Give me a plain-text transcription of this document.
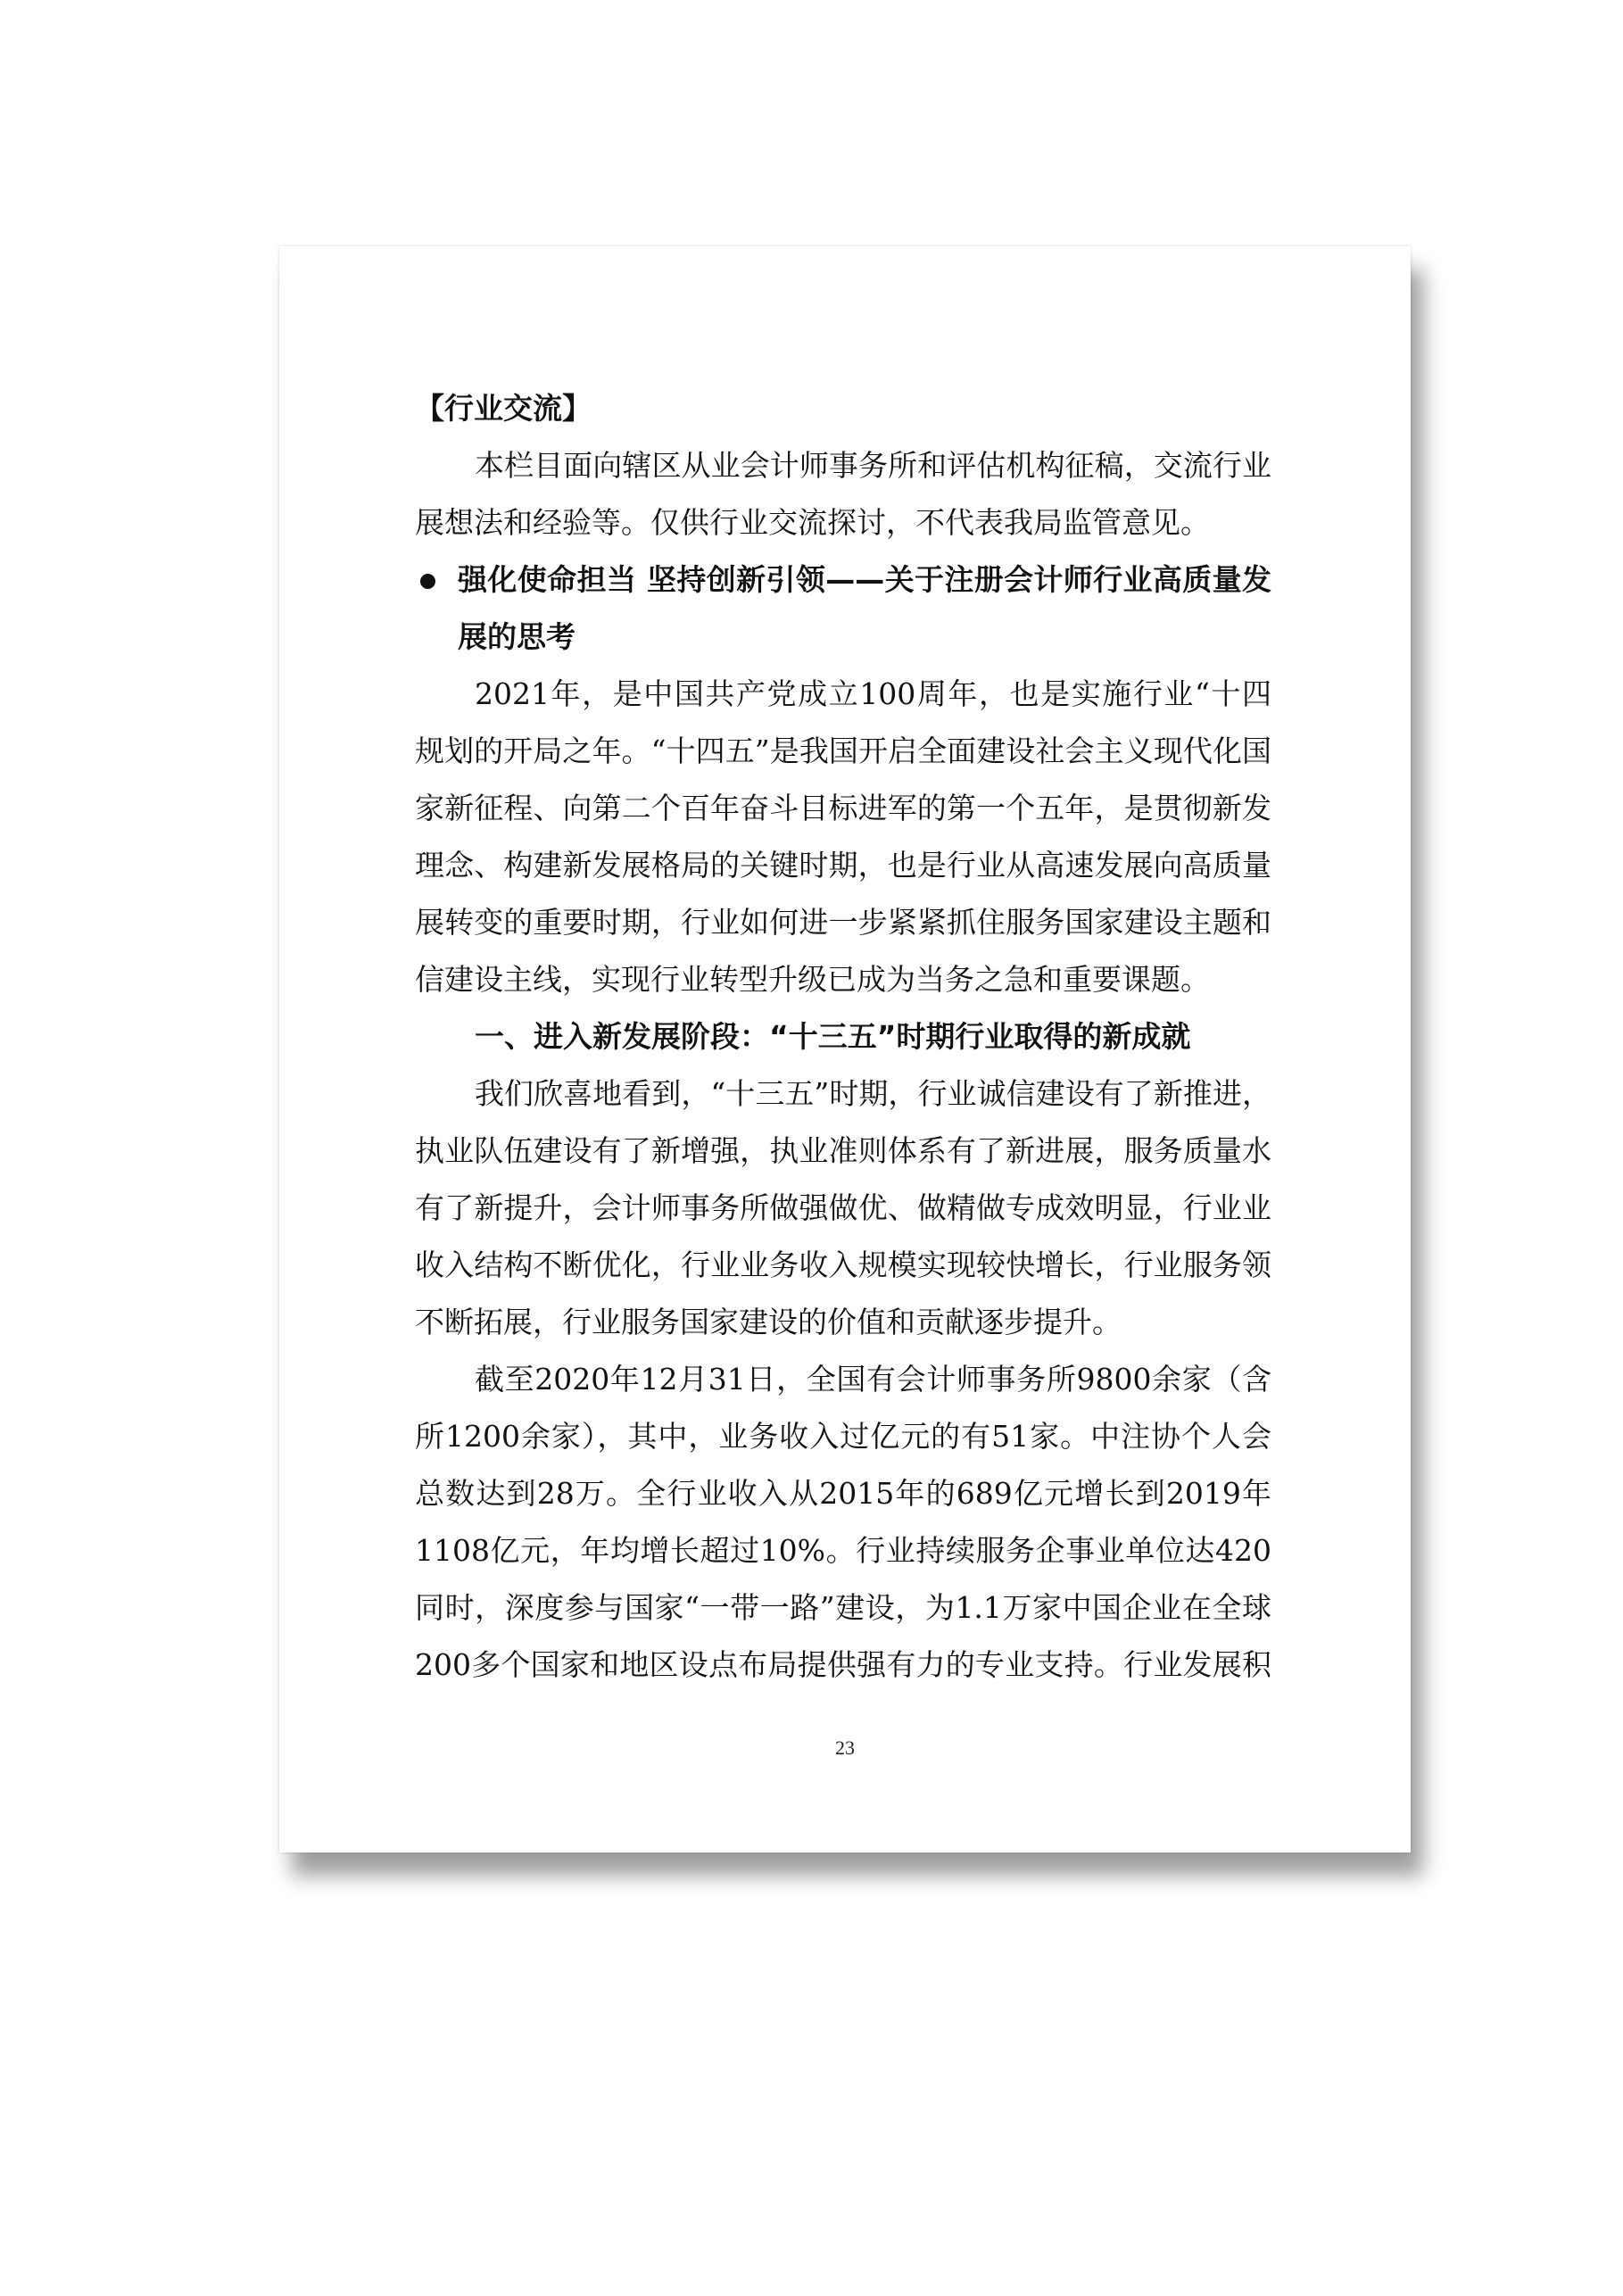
【行业交流】
本栏目面向辖区从业会计师事务所和评估机构征稿，交流行业
展想法和经验等。仅供行业交流探讨，不代表我局监管意见。
强化使命担当 坚持创新引领——关于注册会计师行业高质量发
展的思考
2021年，是中国共产党成立100周年，也是实施行业“十四
规划的开局之年。“十四五”是我国开启全面建设社会主义现代化国
家新征程、向第二个百年奋斗目标进军的第一个五年，是贯彻新发
理念、构建新发展格局的关键时期，也是行业从高速发展向高质量
展转变的重要时期，行业如何进一步紧紧抓住服务国家建设主题和
信建设主线，实现行业转型升级已成为当务之急和重要课题。
一、进入新发展阶段：“十三五”时期行业取得的新成就
我们欣喜地看到，“十三五”时期，行业诚信建设有了新推进，
执业队伍建设有了新增强，执业准则体系有了新进展，服务质量水
有了新提升，会计师事务所做强做优、做精做专成效明显，行业业
收入结构不断优化，行业业务收入规模实现较快增长，行业服务领
不断拓展，行业服务国家建设的价值和贡献逐步提升。
截至2020年12月31日，全国有会计师事务所9800余家（含
所1200余家），其中，业务收入过亿元的有51家。中注协个人会
总数达到28万。全行业收入从2015年的689亿元增长到2019年
1108亿元，年均增长超过10%。行业持续服务企事业单位达420
同时，深度参与国家“一带一路”建设，为1.1万家中国企业在全球
200多个国家和地区设点布局提供强有力的专业支持。行业发展积
23
